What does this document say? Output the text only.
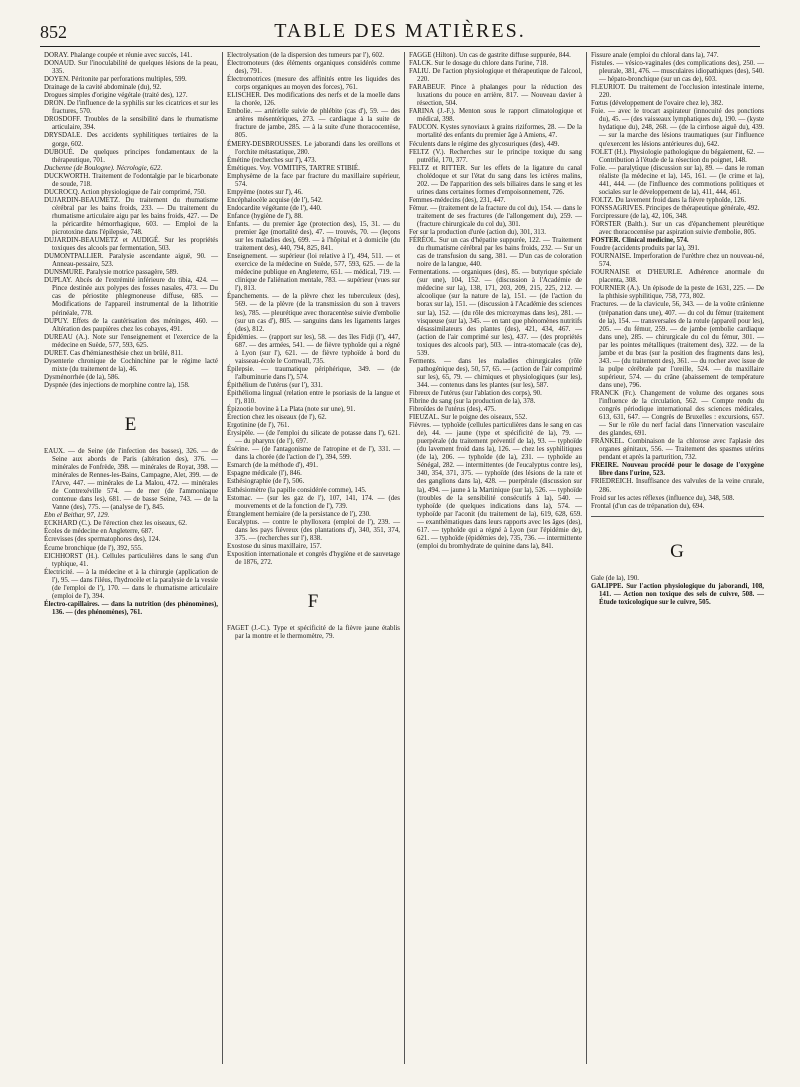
852	TABLE DES MATIÈRES.
DORAY. Phalange coupée et réunie avec succès, 141.
DONAUD. Sur l'inoculabilité de quelques lésions de la peau, 335.
DOYEN. Péritonite par perforations multiples, 599.
Drainage de la cavité abdominale (du), 92.
Drogues simples d'origine végétale (traité des), 127.
DRON. De l'influence de la syphilis sur les cicatrices et sur les fractures, 570.
DROSDOFF. Troubles de la sensibilité dans le rhumatisme articulaire, 394.
DRYSDALE. Des accidents syphilitiques tertiaires de la gorge, 602.
DUBOUÉ. De quelques principes fondamentaux de la thérapeutique, 701.
Duchenne (de Boulogne). Nécrologie, 622.
DUCKWORTH. Traitement de l'odontalgie par le bicarbonate de soude, 718.
DUCROCQ. Action physiologique de l'air comprimé, 750.
DUJARDIN-BEAUMETZ. Du traitement du rhumatisme cérébral par les bains froids, 233. — Du traitement du rhumatisme articulaire aigu par les bains froids, 427. — De la péricardite hémorrhagique, 603. — Emploi de la picrotoxine dans l'épilepsie, 748.
DUJARDIN-BEAUMETZ et AUDIGÉ. Sur les propriétés toxiques des alcools par fermentation, 503.
DUMONTPALLIER. Paralysie ascendante aiguë, 90. — Anneau-pessaire, 523.
DUNSMURE. Paralysie motrice passagère, 589.
DUPLAY. Abcès de l'extrémité inférieure du tibia, 424. — Pince destinée aux polypes des fosses nasales, 473. — Du cas de périostite phlegmoneuse diffuse, 685. — Modifications de l'appareil instrumental de la lithotritie périnéale, 778.
DUPUY. Effets de la cautérisation des méninges, 460. — Altération des paupières chez les cobayes, 491.
DUREAU (A.). Note sur l'enseignement et l'exercice de la médecine en Suède, 577, 593, 625.
DURET. Cas d'hémianesthésie chez un brûlé, 811.
Dysenterie chronique de Cochinchine par le régime lacté mixte (du traitement de la), 46.
Dysménorrhée (de la), 586.
Dyspnée (des injections de morphine contre la), 158.
E
EAUX. — de Seine (de l'infection des basses), 326. — de Seine aux abords de Paris (altération des), 376. — minérales de Fonfrède, 398. — minérales de Royat, 398. — minérales de Rennes-les-Bains, Campagne, Alet, 399. — de l'Arve, 447. — minérales de La Malou, 472. — minérales de Contrexéville 574. — de mer (de l'ammoniaque contenue dans les), 681. — de basse Seine, 743. — de la Vanne (des), 775. — (analyse de l'), 845.
Ebn el Beithar, 97, 129.
ECKHARD (C.). De l'érection chez les oiseaux, 62.
Écoles de médecine en Angleterre, 687.
Écrevisses (des spermatophores des), 124.
Écume bronchique (de l'), 392, 555.
EICHHORST (H.). Cellules particulières dans le sang d'un typhique, 41.
Électricité. — à la médecine et à la chirurgie (application de l'), 95. — dans l'iléus, l'hydrocèle et la paralysie de la vessie (de l'emploi de l'), 170. — dans le rhumatisme articulaire (emploi de l'), 394.
Électro-capillaires. — dans la nutrition (des phénomènes), 136. — (des phénomènes), 761.
Électrolysation (de la dispersion des tumeurs par l'), 602.
Électromoteurs (des éléments organiques considérés comme des), 791.
Électromotrices (mesure des affinités entre les liquides des corps organiques au moyen des forces), 761.
ELISCHER. Des modifications des nerfs et de la moelle dans la chorée, 126.
Embolie. — artérielle suivie de phlébite (cas d'), 59. — des artères mésentériques, 273. — cardiaque à la suite de fracture de jambe, 285. — à la suite d'une thoracocentèse, 805.
ÉMERY-DESBROUSSES. Le jaborandi dans les oreillons et l'orchite métastatique, 280.
Émétine (recherches sur l'), 473.
Émétiques. Voy. VOMITIFS, TARTRE STIBIÉ.
Emphysème de la face par fracture du maxillaire supérieur, 574.
Empyème (notes sur l'), 46.
Encéphalocèle acquise (de l'), 542.
Endocardite végétante (de l'), 440.
Enfance (hygiène de l'), 88.
Enfants. — du premier âge (protection des), 15, 31. — du premier âge (mortalité des), 47. — trouvés, 70. — (leçons sur les maladies des), 699. — à l'hôpital et à domicile (du traitement des), 440, 794, 825, 841.
Enseignement. — supérieur (loi relative à l'), 494, 511. — et exercice de la médecine en Suède, 577, 593, 625. — de la médecine publique en Angleterre, 651. — médical, 719. — clinique de l'aliénation mentale, 783. — supérieur (vues sur l'), 813.
Épanchements. — de la plèvre chez les tuberculeux (des), 569. — de la plèvre (de la transmission du son à travers les), 785. — pleurétique avec thoracentèse suivie d'embolie (sur un cas d'), 805. — sanguins dans les ligaments larges (des), 812.
Épidémies. — (rapport sur les), 58. — des îles Fidji (l'), 447, 687. — des armées, 541. — de fièvre typhoïde qui a régné à Lyon (sur l'), 621. — de fièvre typhoïde à bord du vaisseau-école le Cornwall, 735.
Épilepsie. — traumatique périphérique, 349. — (de l'albuminurie dans l'), 574.
Épithélium de l'utérus (sur l'), 331.
Épithélioma lingual (relation entre le psoriasis de la langue et l'), 810.
Épizootie bovine à La Plata (note sur une), 91.
Érection chez les oiseaux (de l'), 62.
Ergotinine (de l'), 761.
Érysipèle. — (de l'emploi du silicate de potasse dans l'), 621. — du pharynx (de l'), 697.
Ésérine. — (de l'antagonisme de l'atropine et de l'), 331. — dans la chorée (de l'action de l'), 394, 599.
Esmarch (de la méthode d'), 491.
Espagne médicale (l'), 846.
Esthésiographie (de l'), 506.
Esthésiomètre (la papille considérée comme), 145.
Estomac. — (sur les gaz de l'), 107, 141, 174. — (des mouvements et de la fonction de l'), 739.
Étranglement herniaire (de la persistance de l'), 230.
Eucalyptus. — contre le phylloxera (emploi de l'), 239. — dans les pays fiévreux (des plantations d'), 340, 351, 374, 375. — (recherches sur l'), 838.
Exostose du sinus maxillaire, 157.
Exposition internationale et congrès d'hygiène et de sauvetage de 1876, 272.
F
FAGET (J.-C.). Type et spécificité de la fièvre jaune établis par la montre et le thermomètre, 79.
FAGGE (Hilton). Un cas de gastrite diffuse suppurée, 844.
FALCK. Sur le dosage du chlore dans l'urine, 718.
FALIU. De l'action physiologique et thérapeutique de l'alcool, 220.
FARABEUF. Pince à phalanges pour la réduction des luxations du pouce en arrière, 817. — Nouveau davier à résection, 504.
FARINA (J.-F.). Menton sous le rapport climatologique et médical, 398.
FAUCON. Kystes synoviaux à grains riziformes, 28. — De la mortalité des enfants du premier âge à Amiens, 47.
Féculents dans le régime des glycosuriques (des), 449.
FELTZ (V.). Recherches sur le principe toxique du sang putréfié, 170, 377.
FELTZ et RITTER. Sur les effets de la ligature du canal cholédoque et sur l'état du sang dans les ictères malins, 202. — De l'apparition des sels biliaires dans le sang et les urines dans certaines formes d'empoisonnement, 726.
Femmes-médecins (des), 231, 447.
Fémur. — (traitement de la fracture du col du), 154. — dans le traitement de ses fractures (de l'allongement du), 259. — (fracture chirurgicale du col du), 301.
Fer sur la production d'urée (action du), 301, 313.
FÉRÉOL. Sur un cas d'hépatite suppurée, 122. — Traitement du rhumatisme cérébral par les bains froids, 232. — Sur un cas de transfusion du sang, 381. — D'un cas de coloration noire de la langue, 440.
Fermentations. — organiques (des), 85. — butyrique spéciale (sur une), 104, 152. — (discussion à l'Académie de médecine sur la), 138, 171, 203, 209, 215, 225, 212. — alcoolique (sur la nature de la), 151. — (de l'action du borax sur la), 151. — (discussion à l'Académie des sciences sur la), 152. — (du rôle des microzymas dans les), 281. — visqueuse (sur la), 345. — en tant que phénomènes nutritifs désassimilateurs des plantes (des), 421, 434, 467. — (action de l'air comprimé sur les), 437. — (des propriétés toxiques des alcools par), 503. — intra-stomacale (cas de), 539.
Ferments. — dans les maladies chirurgicales (rôle pathogénique des), 50, 57, 65. — (action de l'air comprimé sur les), 65, 79. — chimiques et physiologiques (sur les), 344. — contenus dans les plantes (sur les), 587.
Fibreux de l'utérus (sur l'ablation des corps), 90.
Fibrine du sang (sur la production de la), 378.
Fibroïdes de l'utérus (des), 475.
FIEUZAL. Sur le poigne des oiseaux, 552.
Fièvres. — typhoïde (cellules particulières dans le sang en cas de), 44. — jaune (type et spécificité de la), 79. — puerpérale (du traitement préventif de la), 93. — typhoïde (du lavement froid dans la), 126. — chez les syphilitiques (de la), 206. — typhoïde (de la), 231. — typhoïde au Sénégal, 282. — intermittentes (de l'eucalyptus contre les), 340, 354, 371, 375. — typhoïde (des lésions de la rate et des ganglions dans la), 428. — puerpérale (discussion sur la), 494. — jaune à la Martinique (sur la), 526. — typhoïde (troubles de la sensibilité consécutifs à la), 540. — typhoïde (de quelques indications dans la), 574. — typhoïde par l'aconit (du traitement de la), 619, 628, 659. — exanthématiques dans leurs rapports avec les âges (des), 617. — typhoïde qui a régné à Lyon (sur l'épidémie de), 621. — typhoïde (épidémies de), 735, 736. — intermittente (emploi du bromhydrate de quinine dans la), 841.
Fissure anale (emploi du chloral dans la), 747.
Fistules. — vésico-vaginales (des complications des), 250. — pleurale, 381, 476. — musculaires idiopathiques (des), 540. — hépato-bronchique (sur un cas de), 603.
FLEURIOT. Du traitement de l'occlusion intestinale interne, 220.
Fœtus (développement de l'ovaire chez le), 382.
Foie. — avec le trocart aspirateur (innocuité des ponctions du), 45. — (des vaisseaux lymphatiques du), 190. — (kyste hydatique du), 248, 268. — (de la cirrhose aiguë du), 439. — sur la marche des lésions traumatiques (sur l'influence qu'exercent les lésions antérieures du), 642.
FOLET (H.). Physiologie pathologique du bégaiement, 62. — Contribution à l'étude de la résection du poignet, 148.
Folie. — paralytique (discussion sur la), 89. — dans le roman réaliste (la médecine et la), 145, 161. — (le crime et la), 441, 444. — (de l'influence des commotions politiques et sociales sur le développement de la), 411, 444, 461.
FOLTZ. Du lavement froid dans la fièvre typhoïde, 126.
FONSSAGRIVES. Principes de thérapeutique générale, 492.
Forcipressure (de la), 42, 106, 348.
FÖRSTER (Balth.). Sur un cas d'épanchement pleurétique avec thoracocentèse par aspiration suivie d'embolie, 805.
FOSTER. Clinical medicine, 574.
Foudre (accidents produits par la), 391.
FOURNAISE. Imperforation de l'urèthre chez un nouveau-né, 574.
FOURNAISE et D'HEURLE. Adhérence anormale du placenta, 308.
FOURNIER (A.). Un épisode de la peste de 1631, 225. — De la phthisie syphilitique, 758, 773, 802.
Fractures. — de la clavicule, 56, 343. — de la voûte crânienne (trépanation dans une), 407. — du col du fémur (traitement de la), 154. — transversales de la rotule (appareil pour les), 205. — du fémur, 259. — de jambe (embolie cardiaque dans une), 285. — chirurgicale du col du fémur, 301. — par les pointes métalliques (traitement des), 322. — de la jambe et du bras (sur la position des fragments dans les), 343. — (du traitement des), 361. — du rocher avec issue de la pulpe cérébrale par l'oreille, 524. — du maxillaire supérieur, 574. — du crâne (abaissement de température dans une), 796.
FRANCK (Fr.). Changement de volume des organes sous l'influence de la circulation, 562. — Compte rendu du congrès périodique international des sciences médicales, 613, 631, 647. — Congrès de Bruxelles : excursions, 657. — Sur le rôle du nerf facial dans l'innervation vasculaire des glandes, 691.
FRÄNKEL. Combinaison de la chlorose avec l'aplasie des organes génitaux, 556. — Traitement des spasmes utérins pendant et après la parturition, 732.
FREIRE. Nouveau procédé pour le dosage de l'oxygène libre dans l'urine, 523.
FRIEDREICH. Insuffisance des valvules de la veine crurale, 286.
Froid sur les actes réflexes (influence du), 348, 508.
Frontal (d'un cas de trépanation du), 694.
G
Gale (de la), 190.
GALIPPE. Sur l'action physiologique du jaborandi, 108, 141. — Action non toxique des sels de cuivre, 508. — Étude toxicologique sur le cuivre, 505.
